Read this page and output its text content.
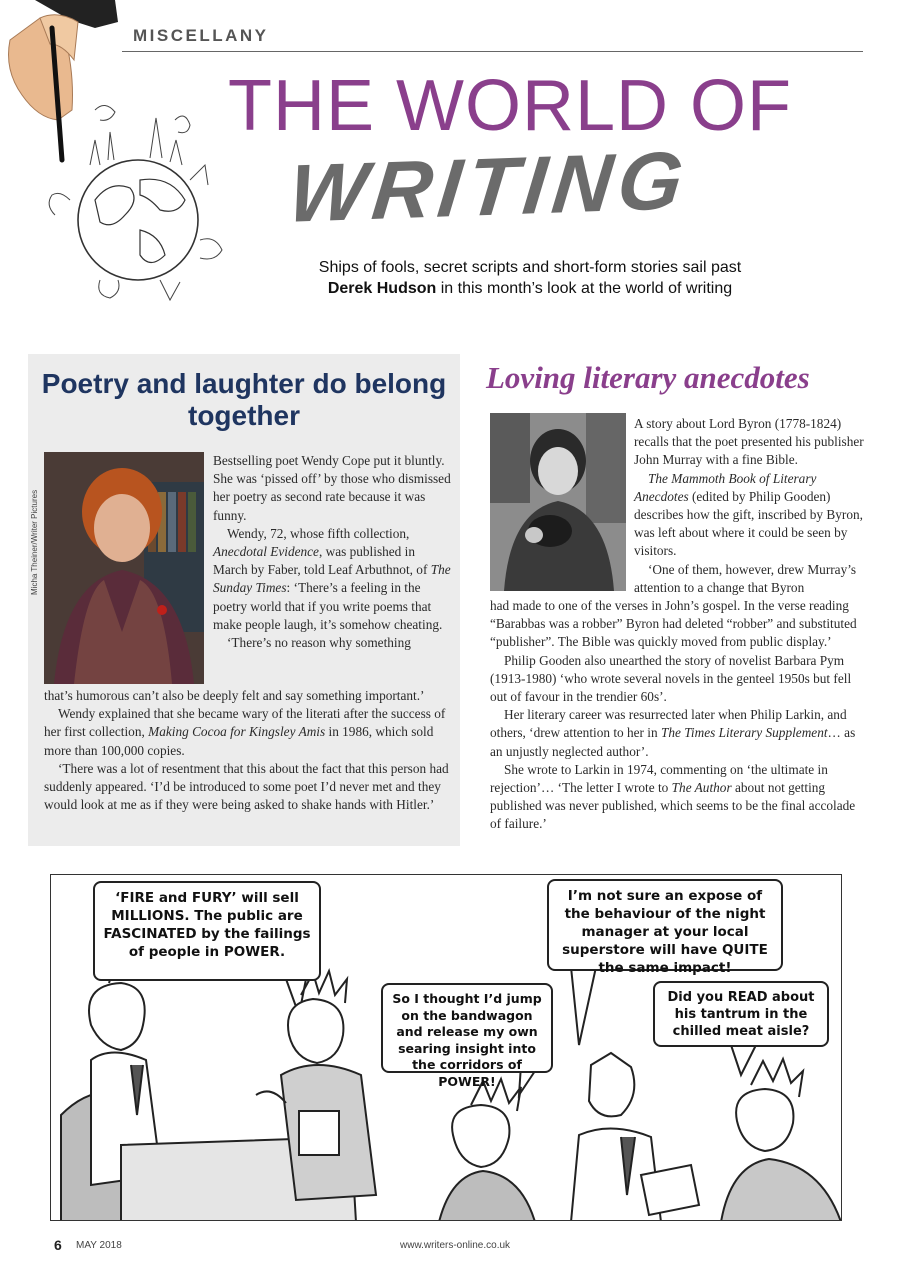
MISCELLANY
THE WORLD OF
WRITING
Ships of fools, secret scripts and short-form stories sail past
Derek Hudson in this month’s look at the world of writing
Poetry and laughter do belong together
Micha Theiner/Writer Pictures

Bestselling poet Wendy Cope put it bluntly.

She was ‘pissed off’ by those who dismissed her poetry as second rate because it was funny.

Wendy, 72, whose fifth collection, Anecdotal Evidence, was published in March by Faber, told Leaf Arbuthnot, of The Sunday Times: ‘There’s a feeling in the poetry world that if you write poems that make people laugh, it’s somehow cheating.

‘There’s no reason why something

that’s humorous can’t also be deeply felt and say something important.’

Wendy explained that she became wary of the literati after the success of her first collection, Making Cocoa for Kingsley Amis in 1986, which sold more than 100,000 copies.

‘There was a lot of resentment that this about the fact that this person had suddenly appeared. ‘I’d be introduced to some poet I’d never met and they would look at me as if they were being asked to shake hands with Hitler.’

Loving literary anecdotes

A story about Lord Byron (1778-1824) recalls that the poet presented his publisher John Murray with a fine Bible.

The Mammoth Book of Literary Anecdotes (edited by Philip Gooden) describes how the gift, inscribed by Byron, was left about where it could be seen by visitors.

‘One of them, however, drew Murray’s attention to a change that Byron

had made to one of the verses in John’s gospel. In the verse reading “Barabbas was a robber” Byron had deleted “robber” and substituted “publisher”. The Bible was quickly moved from public display.’

Philip Gooden also unearthed the story of novelist Barbara Pym (1913-1980) ‘who wrote several novels in the genteel 1950s but fell out of favour in the trendier 60s’.

Her literary career was resurrected later when Philip Larkin, and others, ‘drew attention to her in The Times Literary Supplement… as an unjustly neglected author’.

She wrote to Larkin in 1974, commenting on ‘the ultimate in rejection’… ‘The letter I wrote to The Author about not getting published was never published, which seems to be the final accolade of failure.’

‘FIRE and FURY’ will sell MILLIONS. The public are FASCINATED by the failings of people in POWER.
So I thought I’d jump on the bandwagon and release my own searing insight into the corridors of POWER!
I’m not sure an expose of the behaviour of the night manager at your local superstore will have QUITE the same impact!
Did you READ about his tantrum in the chilled meat aisle?
6 MAY 2018	www.writers-online.co.uk
